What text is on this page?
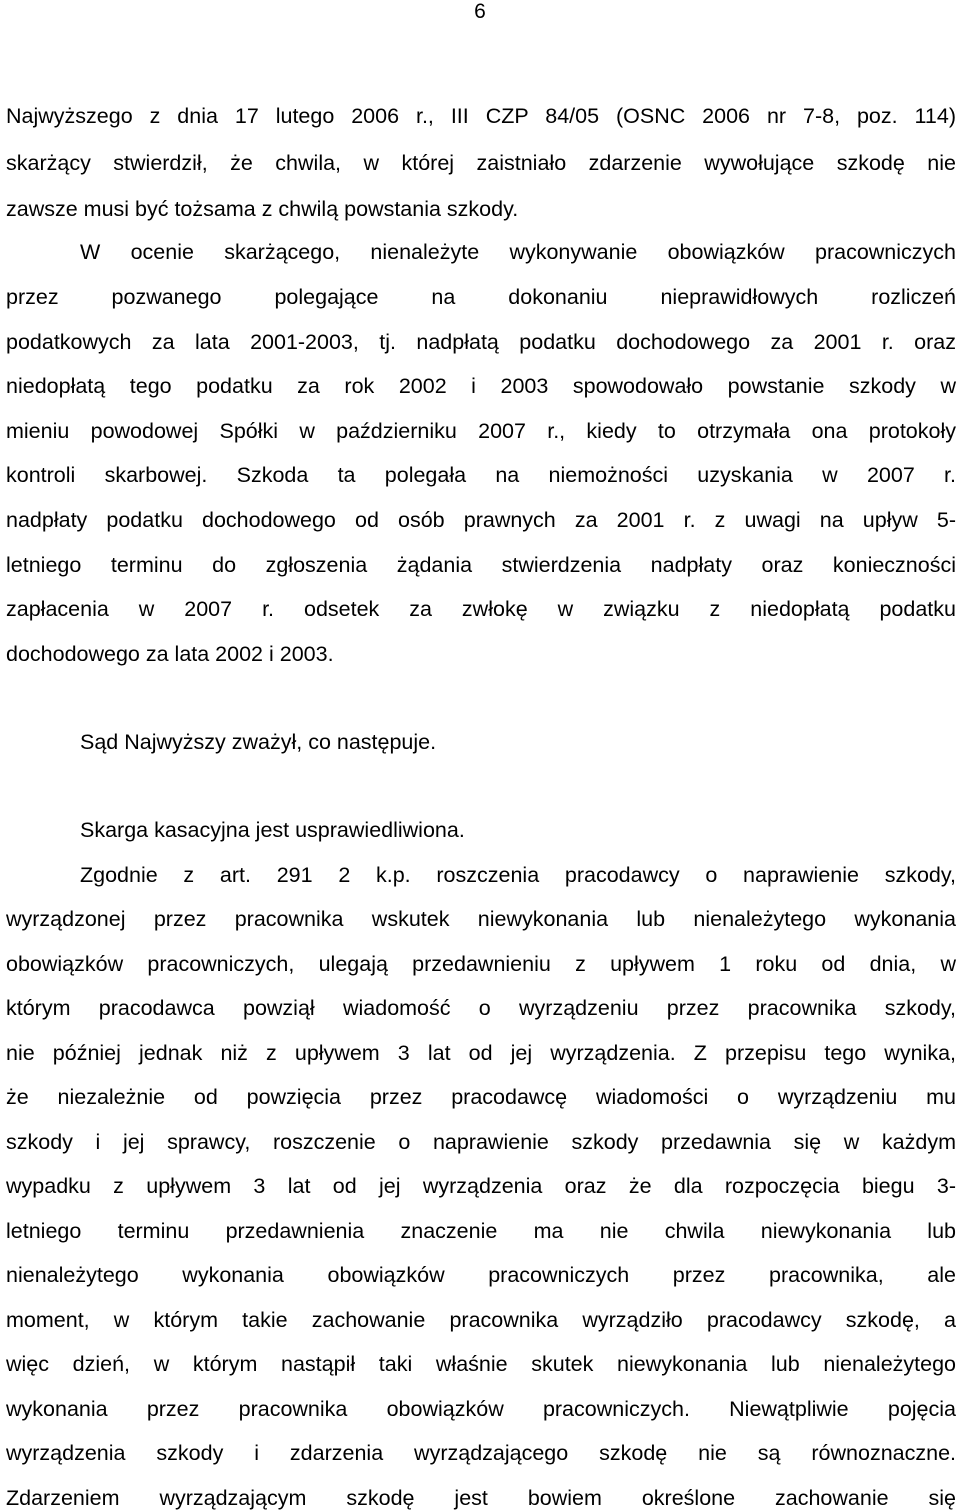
6
Najwyższego z dnia 17 lutego 2006 r., III CZP 84/05 (OSNC 2006 nr 7-8, poz. 114)
skarżący stwierdził, że chwila, w której zaistniało zdarzenie wywołujące szkodę nie
zawsze musi być tożsama z chwilą powstania szkody.
W ocenie skarżącego, nienależyte wykonywanie obowiązków pracowniczych
przez pozwanego polegające na dokonaniu nieprawidłowych rozliczeń
podatkowych za lata 2001-2003, tj. nadpłatą podatku dochodowego za 2001 r. oraz
niedopłatą tego podatku za rok 2002 i 2003 spowodowało powstanie szkody w
mieniu powodowej Spółki w październiku 2007 r., kiedy to otrzymała ona protokoły
kontroli skarbowej. Szkoda ta polegała na niemożności uzyskania w 2007 r.
nadpłaty podatku dochodowego od osób prawnych za 2001 r. z uwagi na upływ 5-
letniego terminu do zgłoszenia żądania stwierdzenia nadpłaty oraz konieczności
zapłacenia w 2007 r. odsetek za zwłokę w związku z niedopłatą podatku
dochodowego za lata 2002 i 2003.
Sąd Najwyższy zważył, co następuje.
Skarga kasacyjna jest usprawiedliwiona.
Zgodnie z art. 291 2 k.p. roszczenia pracodawcy o naprawienie szkody,
wyrządzonej przez pracownika wskutek niewykonania lub nienależytego wykonania
obowiązków pracowniczych, ulegają przedawnieniu z upływem 1 roku od dnia, w
którym pracodawca powziął wiadomość o wyrządzeniu przez pracownika szkody,
nie później jednak niż z upływem 3 lat od jej wyrządzenia. Z przepisu tego wynika,
że niezależnie od powzięcia przez pracodawcę wiadomości o wyrządzeniu mu
szkody i jej sprawcy, roszczenie o naprawienie szkody przedawnia się w każdym
wypadku z upływem 3 lat od jej wyrządzenia oraz że dla rozpoczęcia biegu 3-
letniego terminu przedawnienia znaczenie ma nie chwila niewykonania lub
nienależytego wykonania obowiązków pracowniczych przez pracownika, ale
moment, w którym takie zachowanie pracownika wyrządziło pracodawcy szkodę, a
więc dzień, w którym nastąpił taki właśnie skutek niewykonania lub nienależytego
wykonania przez pracownika obowiązków pracowniczych. Niewątpliwie pojęcia
wyrządzenia szkody i zdarzenia wyrządzającego szkodę nie są równoznaczne.
Zdarzeniem wyrządzającym szkodę jest bowiem określone zachowanie się
